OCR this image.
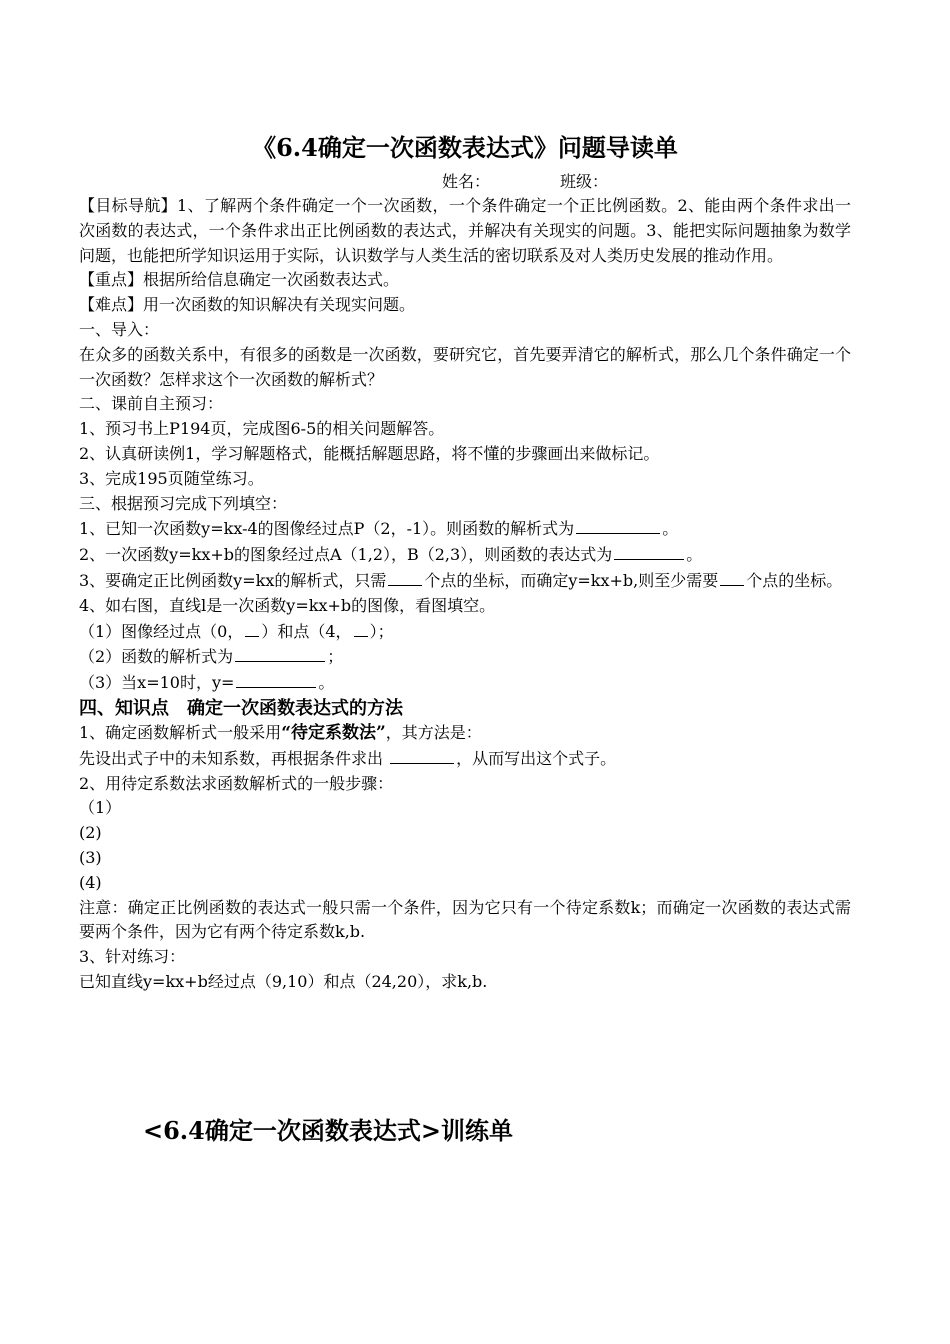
《6.4确定一次函数表达式》问题导读单
姓名：	班级：

【目标导航】1、了解两个条件确定一个一次函数，一个条件确定一个正比例函数。2、能由两个条件求出一次函数的表达式，一个条件求出正比例函数的表达式，并解决有关现实的问题。3、能把实际问题抽象为数学问题，也能把所学知识运用于实际，认识数学与人类生活的密切联系及对人类历史发展的推动作用。

【重点】根据所给信息确定一次函数表达式。

【难点】用一次函数的知识解决有关现实问题。

一、导入：

在众多的函数关系中，有很多的函数是一次函数，要研究它，首先要弄清它的解析式，那么几个条件确定一个一次函数？怎样求这个一次函数的解析式？

二、课前自主预习：

1、预习书上P194页，完成图6-5的相关问题解答。

2、认真研读例1，学习解题格式，能概括解题思路，将不懂的步骤画出来做标记。

3、完成195页随堂练习。

三、根据预习完成下列填空：

1、已知一次函数y=kx-4的图像经过点P（2，-1）。则函数的解析式为	。

2、一次函数y=kx+b的图象经过点A（1,2），B（2,3），则函数的表达式为	。

3、要确定正比例函数y=kx的解析式，只需 个点的坐标，而确定y=kx+b,则至少需要 个点的坐标。

4、如右图，直线l是一次函数y=kx+b的图像，看图填空。

（1）图像经过点（0， ）和点（4， ）；

（2）函数的解析式为	；

（3）当x=10时，y=	。

四、知识点　确定一次函数表达式的方法

1、确定函数解析式一般采用“待定系数法”，其方法是：

先设出式子中的未知系数，再根据条件求出	，从而写出这个式子。

2、用待定系数法求函数解析式的一般步骤：

（1）

(2)

(3)

(4)

注意：确定正比例函数的表达式一般只需一个条件，因为它只有一个待定系数k；而确定一次函数的表达式需要两个条件，因为它有两个待定系数k,b.

3、针对练习：

已知直线y=kx+b经过点（9,10）和点（24,20），求k,b.

<6.4确定一次函数表达式>训练单
